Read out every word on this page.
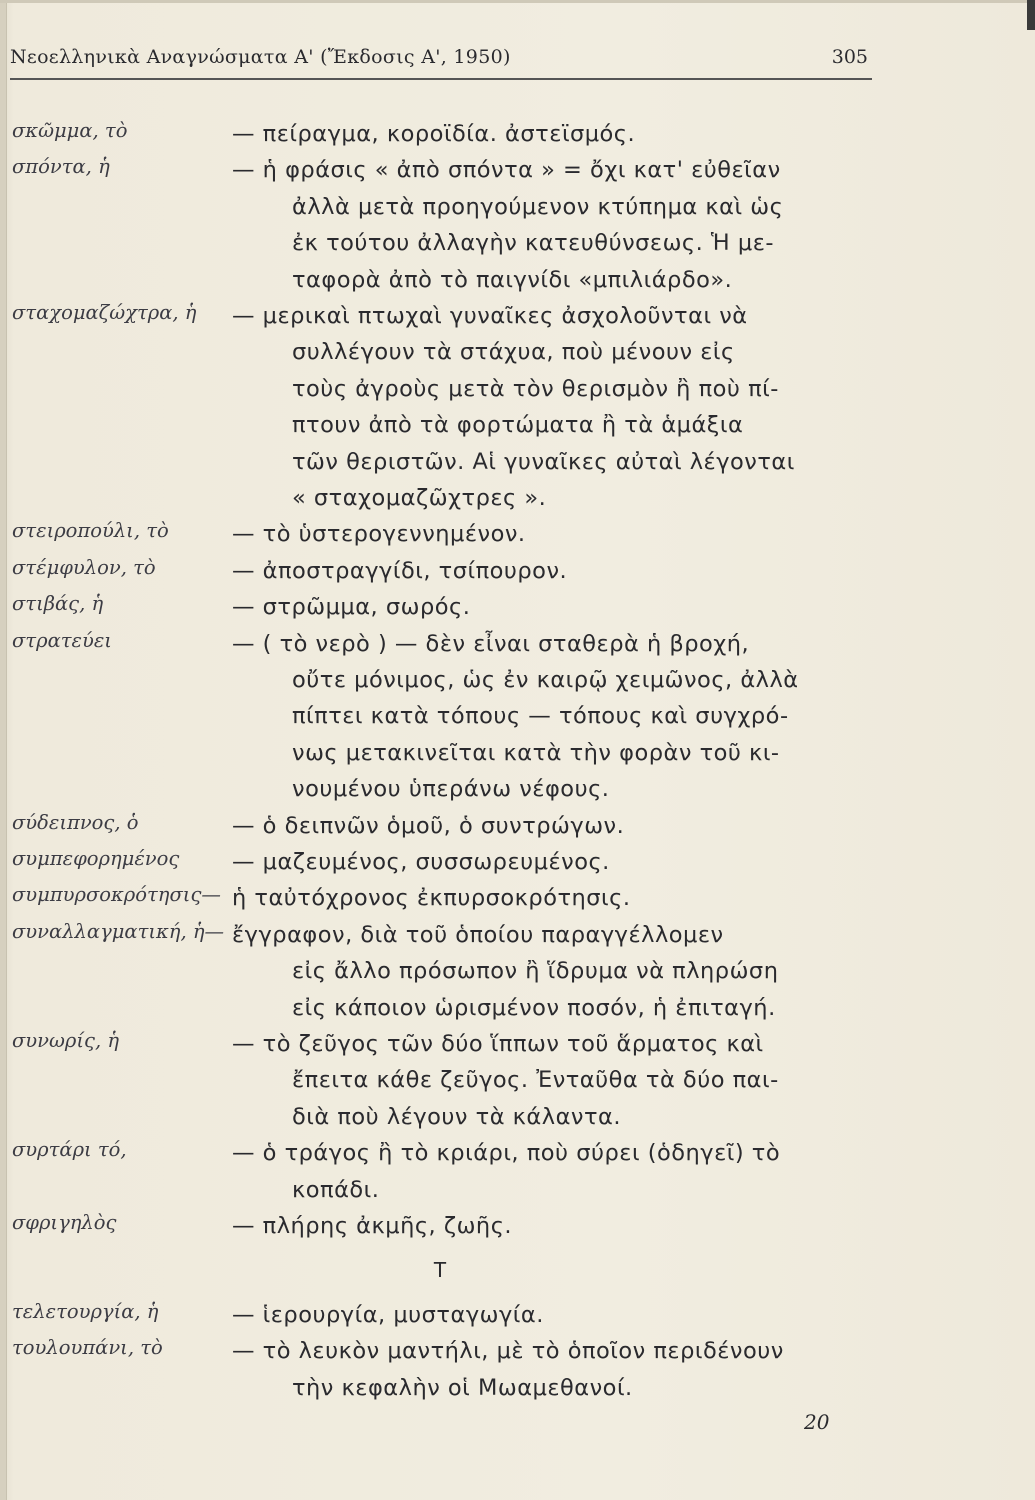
Νεοελληνικὰ Αναγνώσματα Α' (Ἔκδοσις Α', 1950)	305
σκῶμμα, τὸ	— πείραγμα, κοροϊδία. ἀστεϊσμός.
σπόντα, ἡ	— ἡ φράσις « ἀπὸ σπόντα » = ὄχι κατ' εὐθεῖαν
ἀλλὰ μετὰ προηγούμενον κτύπημα καὶ ὡς
ἐκ τούτου ἀλλαγὴν κατευθύνσεως. Ἡ με-
ταφορὰ ἀπὸ τὸ παιγνίδι «μπιλιάρδο».
σταχομαζώχτρα, ἡ — μερικαὶ πτωχαὶ γυναῖκες ἀσχολοῦνται νὰ
συλλέγουν τὰ στάχυα, ποὺ μένουν εἰς
τοὺς ἀγροὺς μετὰ τὸν θερισμὸν ἢ ποὺ πί-
πτουν ἀπὸ τὰ φορτώματα ἢ τὰ ἁμάξια
τῶν θεριστῶν. Αἱ γυναῖκες αὐταὶ λέγονται
« σταχομαζῶχτρες ».
στειροπούλι, τὸ	— τὸ ὑστερογεννημένον.
στέμφυλον, τὸ	— ἀποστραγγίδι, τσίπουρον.
στιβάς, ἡ	— στρῶμμα, σωρός.
στρατεύει	— ( τὸ νερὸ ) — δὲν εἶναι σταθερὰ ἡ βροχή,
οὔτε μόνιμος, ὡς ἐν καιρῷ χειμῶνος, ἀλλὰ
πίπτει κατὰ τόπους — τόπους καὶ συγχρό-
νως μετακινεῖται κατὰ τὴν φορὰν τοῦ κι-
νουμένου ὑπεράνω νέφους.
σύδειπνος, ὁ	— ὁ δειπνῶν ὁμοῦ, ὁ συντρώγων.
συμπεφορημένος — μαζευμένος, συσσωρευμένος.
συμπυρσοκρότησις— ἡ ταὐτόχρονος ἐκπυρσοκρότησις.
συναλλαγματική, ἡ— ἔγγραφον, διὰ τοῦ ὁποίου παραγγέλλομεν
εἰς ἄλλο πρόσωπον ἢ ἵδρυμα νὰ πληρώση
εἰς κάποιον ὡρισμένον ποσόν, ἡ ἐπιταγή.
συνωρίς, ἡ	— τὸ ζεῦγος τῶν δύο ἵππων τοῦ ἅρματος καὶ
ἔπειτα κάθε ζεῦγος. Ἐνταῦθα τὰ δύο παι-
διὰ ποὺ λέγουν τὰ κάλαντα.
συρτάρι τό,	— ὁ τράγος ἢ τὸ κριάρι, ποὺ σύρει (ὁδηγεῖ) τὸ
κοπάδι.
σφριγηλὸς	— πλήρης ἀκμῆς, ζωῆς.
Τ
τελετουργία, ἡ	— ἱερουργία, μυσταγωγία.
τουλουπάνι, τὸ	— τὸ λευκὸν μαντήλι, μὲ τὸ ὁποῖον περιδένουν
τὴν κεφαλὴν οἱ Μωαμεθανοί.
20
